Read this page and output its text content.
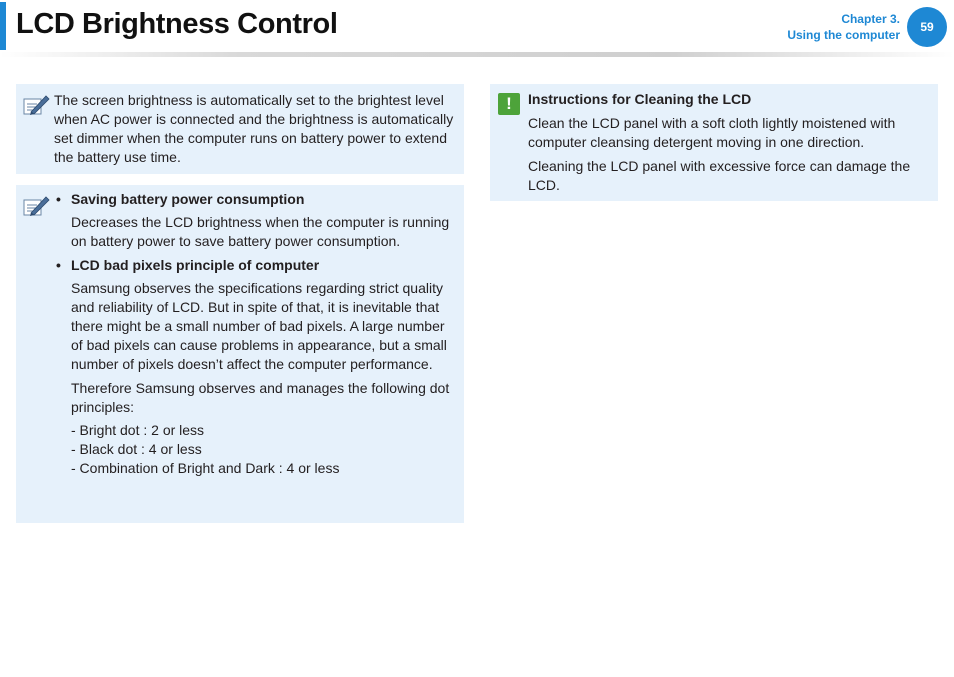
LCD Brightness Control	Chapter 3.
Using the computer
59
The screen brightness is automatically set to the brightest level when AC power is connected and the brightness is automatically set dimmer when the computer runs on battery power to extend the battery use time.
• Saving battery power consumption
Decreases the LCD brightness when the computer is running on battery power to save battery power consumption.
• LCD bad pixels principle of computer
Samsung observes the specifications regarding strict quality and reliability of LCD. But in spite of that, it is inevitable that there might be a small number of bad pixels. A large number of bad pixels can cause problems in appearance, but a small number of pixels doesn’t affect the computer performance.
Therefore Samsung observes and manages the following dot principles:
- Bright dot : 2 or less
- Black dot : 4 or less
- Combination of Bright and Dark : 4 or less
!	Instructions for Cleaning the LCD

Clean the LCD panel with a soft cloth lightly moistened with computer cleansing detergent moving in one direction.

Cleaning the LCD panel with excessive force can damage the LCD.
